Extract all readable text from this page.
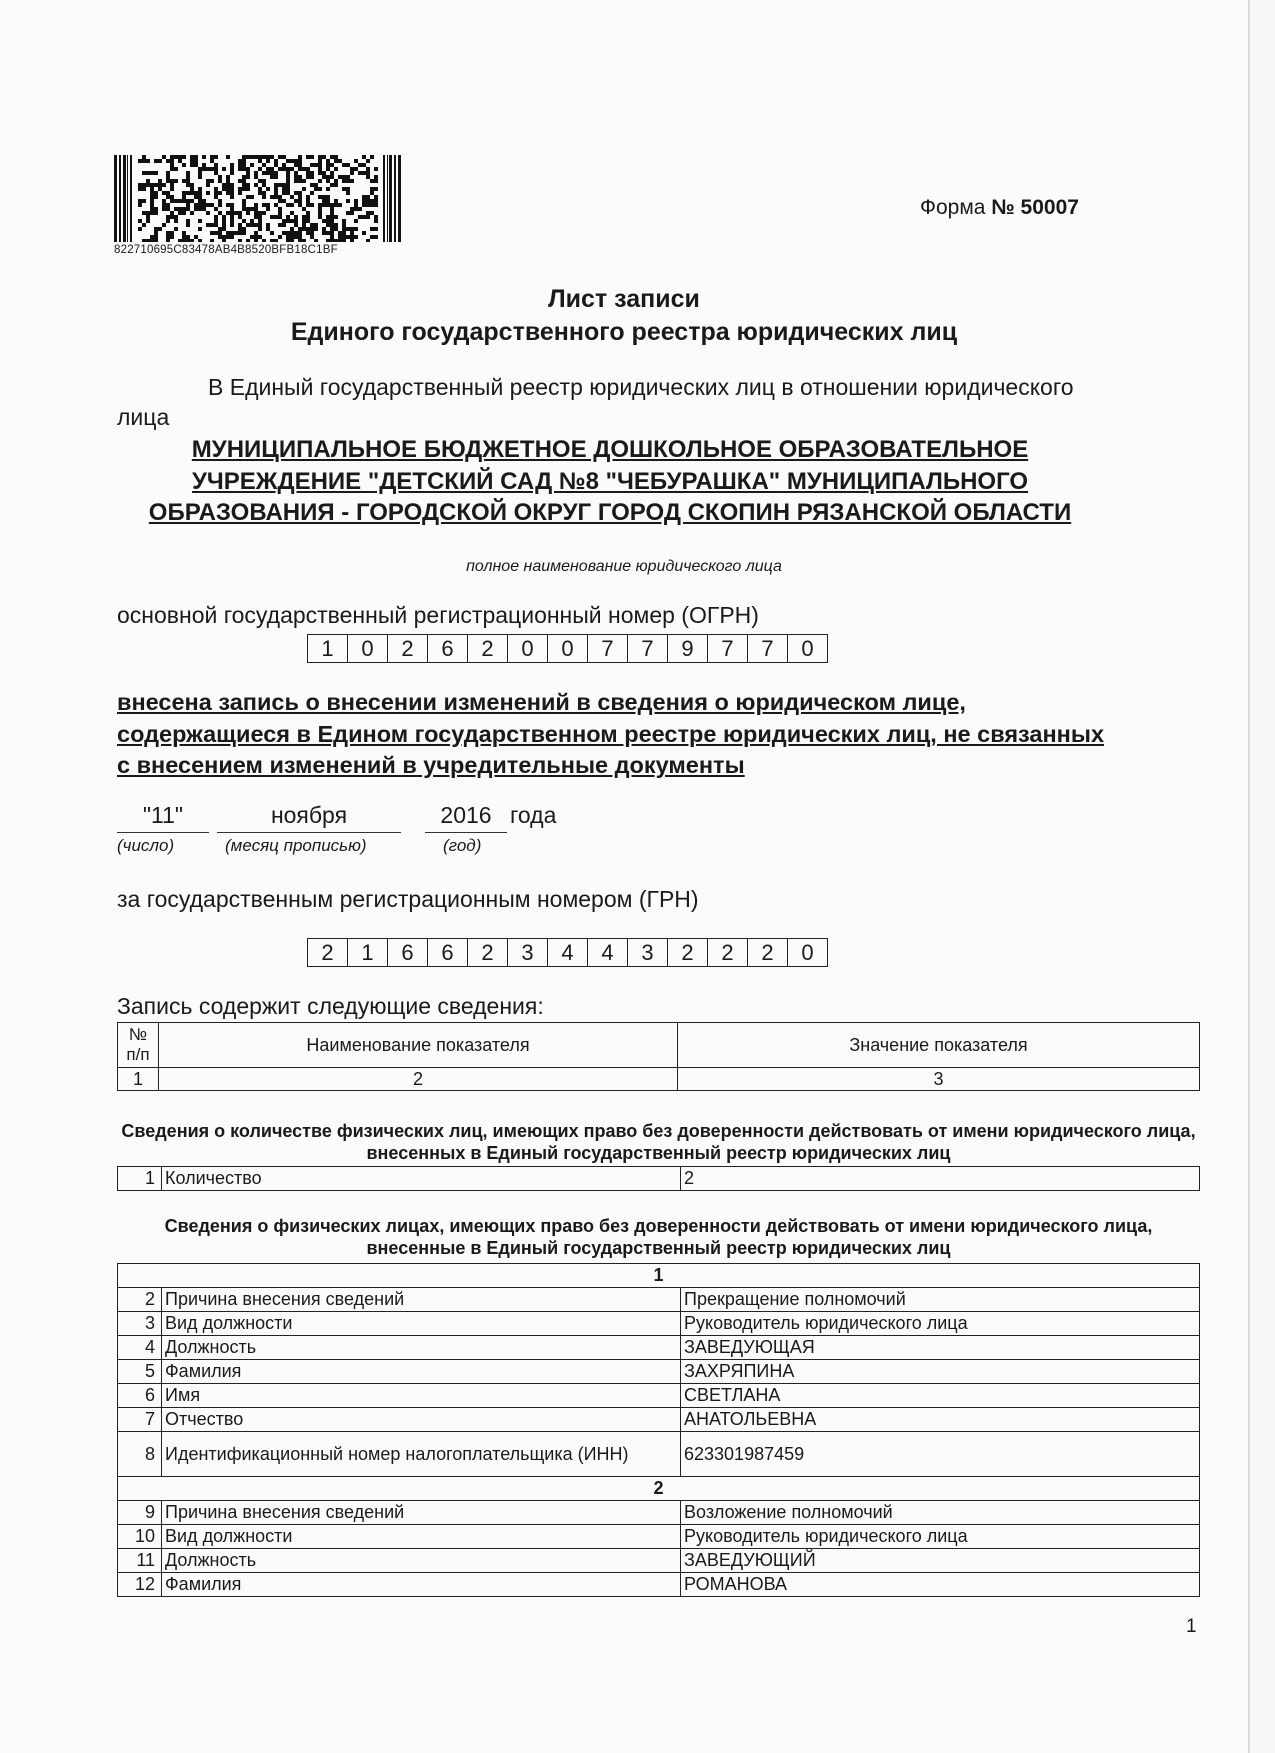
822710695C83478AB4B8520BFB18C1BF
Форма № 50007
Лист записи
Единого государственного реестра юридических лиц
В Единый государственный реестр юридических лиц в отношении юридического
лица
МУНИЦИПАЛЬНОЕ БЮДЖЕТНОЕ ДОШКОЛЬНОЕ ОБРАЗОВАТЕЛЬНОЕ УЧРЕЖДЕНИЕ "ДЕТСКИЙ САД №8 "ЧЕБУРАШКА" МУНИЦИПАЛЬНОГО ОБРАЗОВАНИЯ - ГОРОДСКОЙ ОКРУГ ГОРОД СКОПИН РЯЗАНСКОЙ ОБЛАСТИ
полное наименование юридического лица
основной государственный регистрационный номер (ОГРН)
1	0	2	6	2	0	0	7	7	9	7	7	0
внесена запись о внесении изменений в сведения о юридическом лице, содержащиеся в Едином государственном реестре юридических лиц, не связанных с внесением изменений в учредительные документы
"11"	ноября	2016 года
(число)	(месяц прописью)	(год)
за государственным регистрационным номером (ГРН)
2	1	6	6	2	3	4	4	3	2	2	2	0
Запись содержит следующие сведения:
№ п/п	Наименование показателя	Значение показателя
1	2	3
Сведения о количестве физических лиц, имеющих право без доверенности действовать от имени юридического лица, внесенных в Единый государственный реестр юридических лиц
1	Количество	2
Сведения о физических лицах, имеющих право без доверенности действовать от имени юридического лица, внесенные в Единый государственный реестр юридических лиц
1		
2	Причина внесения сведений	Прекращение полномочий
3	Вид должности	Руководитель юридического лица
4	Должность	ЗАВЕДУЮЩАЯ
5	Фамилия	ЗАХРЯПИНА
6	Имя	СВЕТЛАНА
7	Отчество	АНАТОЛЬЕВНА
8	Идентификационный номер налогоплательщика (ИНН)	623301987459
2		
9	Причина внесения сведений	Возложение полномочий
10	Вид должности	Руководитель юридического лица
11	Должность	ЗАВЕДУЮЩИЙ
12	Фамилия	РОМАНОВА
1
